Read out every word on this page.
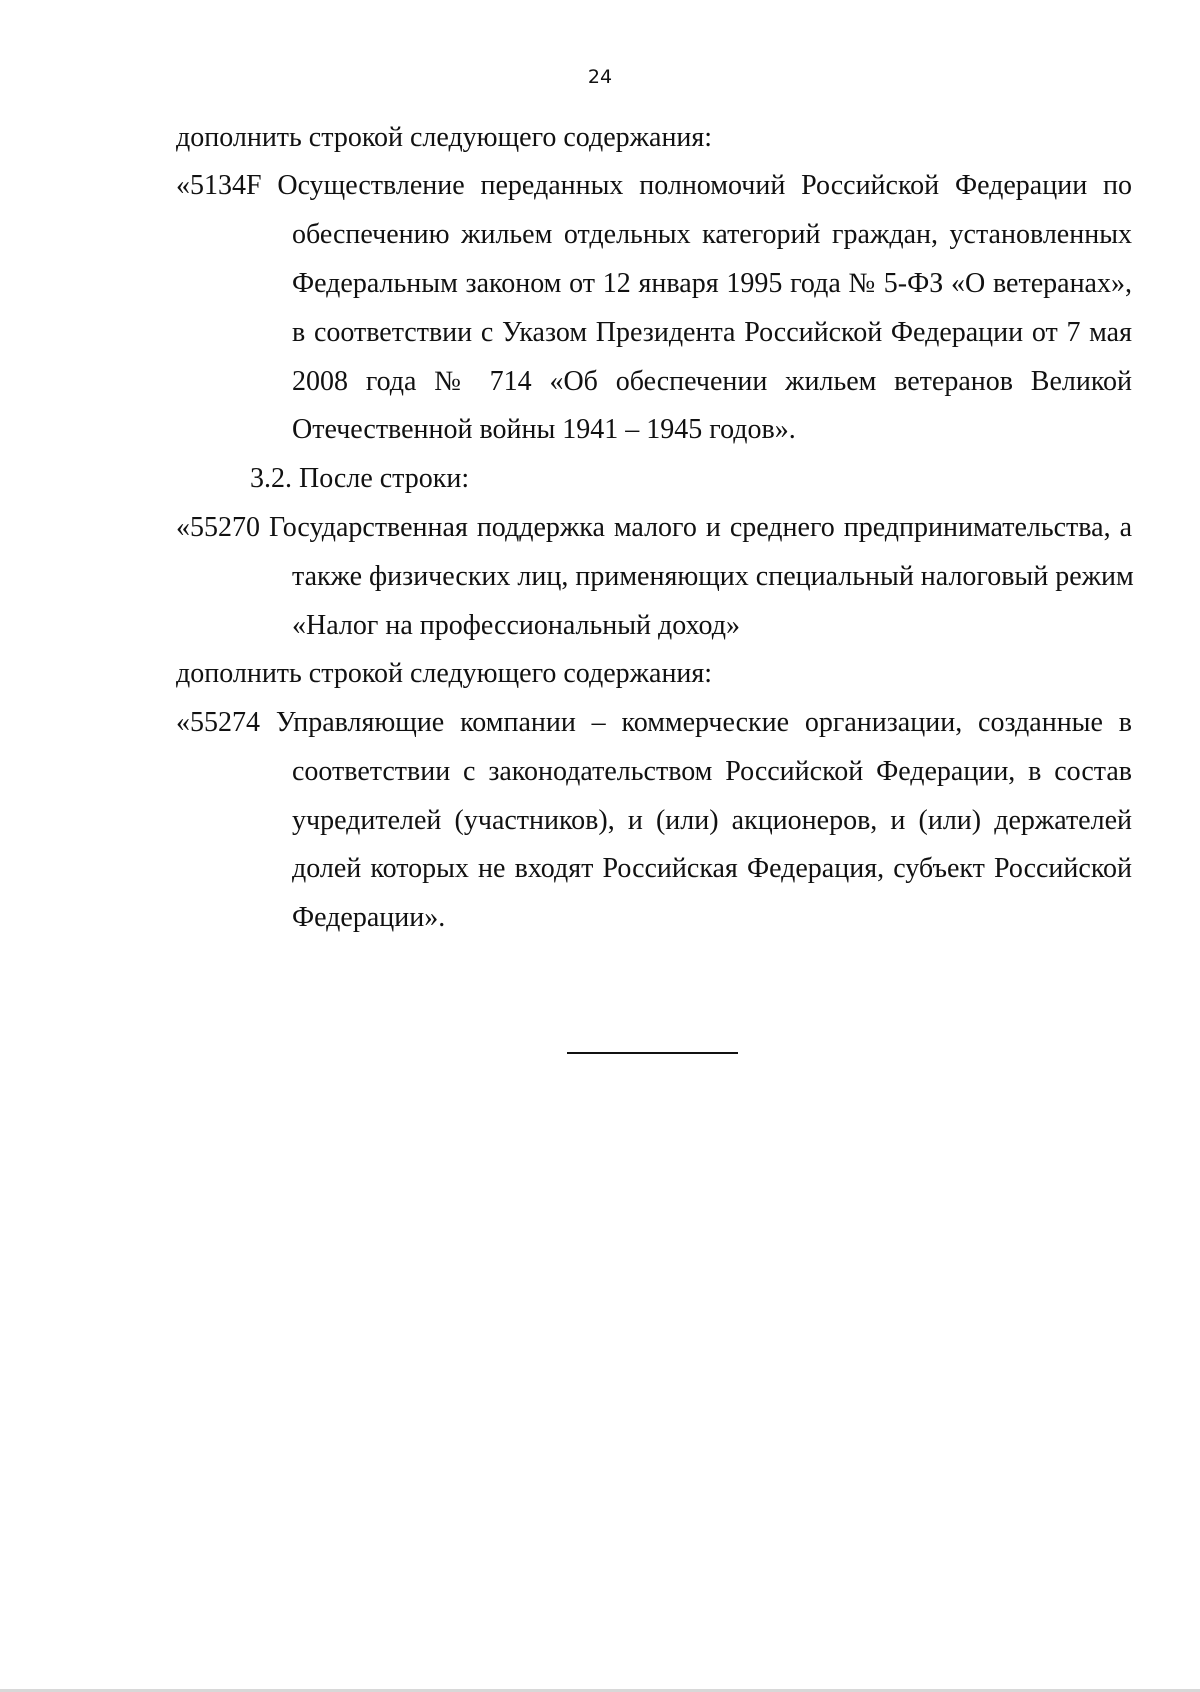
24
дополнить строкой следующего содержания:
«5134F Осуществление переданных полномочий Российской Федерации по
обеспечению жильем отдельных категорий граждан, установленных
Федеральным законом от 12 января 1995 года № 5-ФЗ «О ветеранах»,
в соответствии с Указом Президента Российской Федерации от 7 мая
2008 года № 714 «Об обеспечении жильем ветеранов Великой
Отечественной войны 1941 – 1945 годов».
3.2. После строки:
«55270 Государственная поддержка малого и среднего предпринимательства, а
также физических лиц, применяющих специальный налоговый режим
«Налог на профессиональный доход»
дополнить строкой следующего содержания:
«55274 Управляющие компании – коммерческие организации, созданные в
соответствии с законодательством Российской Федерации, в состав
учредителей (участников), и (или) акционеров, и (или) держателей
долей которых не входят Российская Федерация, субъект Российской
Федерации».
